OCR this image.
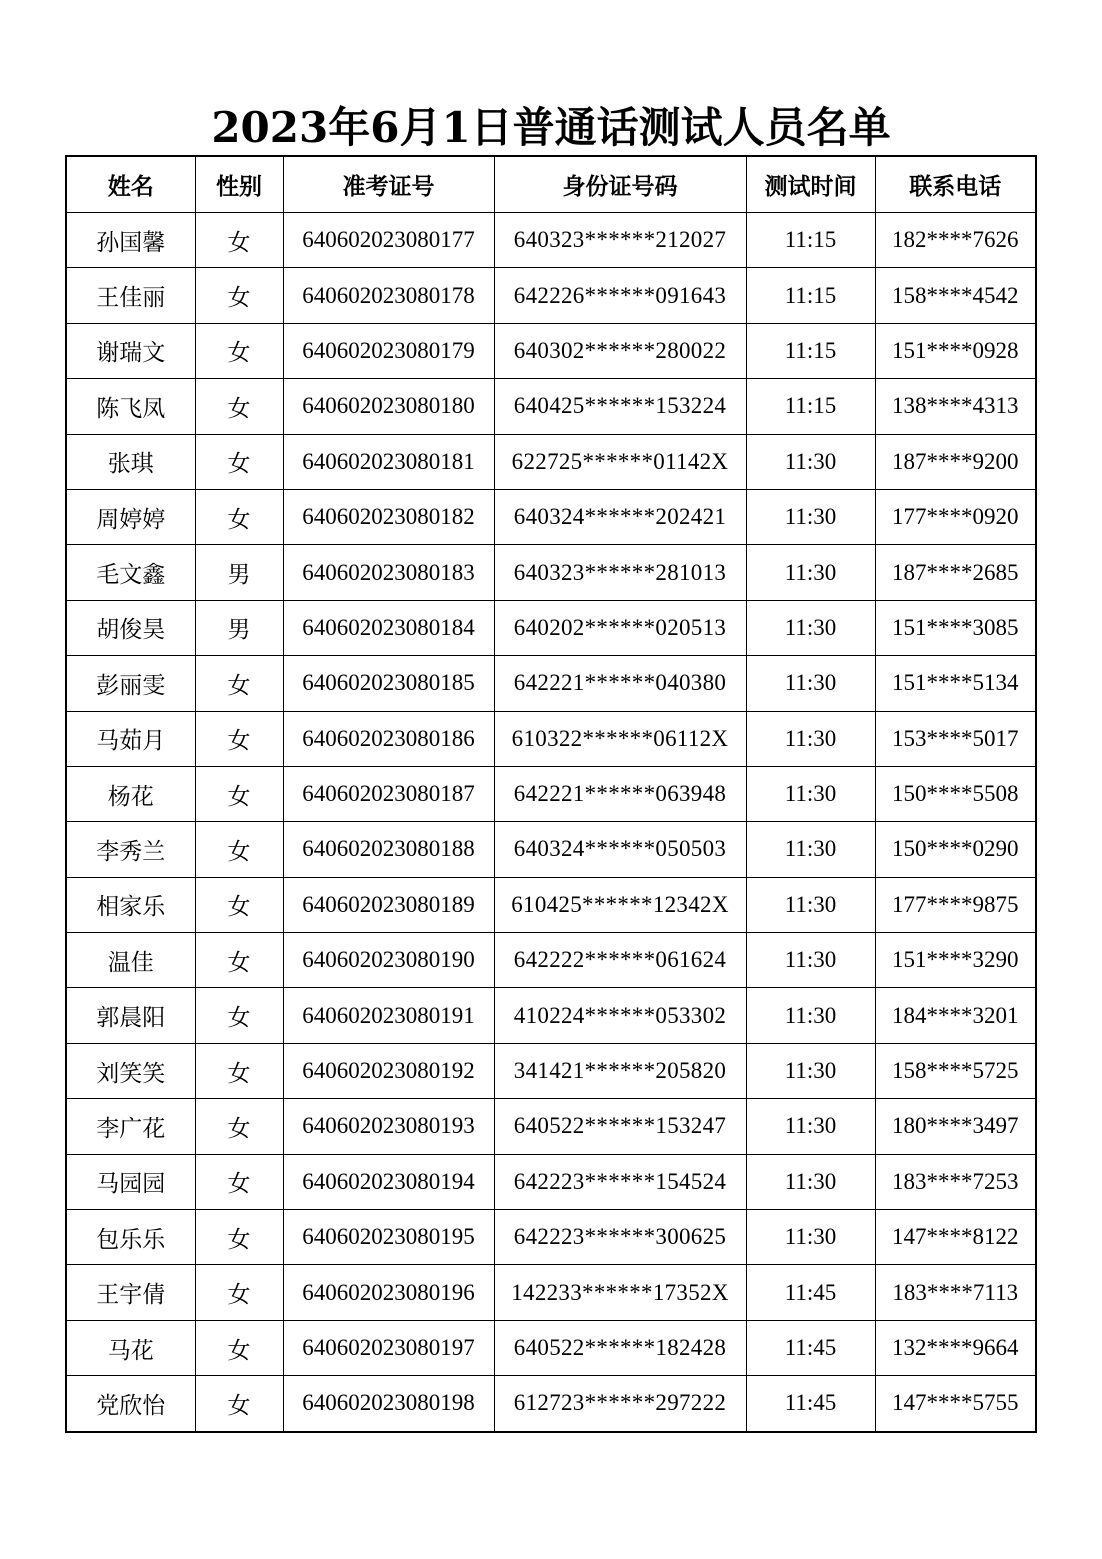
2023年6月1日普通话测试人员名单
姓名	性别	准考证号	身份证号码	测试时间	联系电话
孙国馨	女	640602023080177	640323******212027	11:15	182****7626
王佳丽	女	640602023080178	642226******091643	11:15	158****4542
谢瑞文	女	640602023080179	640302******280022	11:15	151****0928
陈飞凤	女	640602023080180	640425******153224	11:15	138****4313
张琪	女	640602023080181	622725******01142X	11:30	187****9200
周婷婷	女	640602023080182	640324******202421	11:30	177****0920
毛文鑫	男	640602023080183	640323******281013	11:30	187****2685
胡俊昊	男	640602023080184	640202******020513	11:30	151****3085
彭丽雯	女	640602023080185	642221******040380	11:30	151****5134
马茹月	女	640602023080186	610322******06112X	11:30	153****5017
杨花	女	640602023080187	642221******063948	11:30	150****5508
李秀兰	女	640602023080188	640324******050503	11:30	150****0290
相家乐	女	640602023080189	610425******12342X	11:30	177****9875
温佳	女	640602023080190	642222******061624	11:30	151****3290
郭晨阳	女	640602023080191	410224******053302	11:30	184****3201
刘笑笑	女	640602023080192	341421******205820	11:30	158****5725
李广花	女	640602023080193	640522******153247	11:30	180****3497
马园园	女	640602023080194	642223******154524	11:30	183****7253
包乐乐	女	640602023080195	642223******300625	11:30	147****8122
王宇倩	女	640602023080196	142233******17352X	11:45	183****7113
马花	女	640602023080197	640522******182428	11:45	132****9664
党欣怡	女	640602023080198	612723******297222	11:45	147****5755
